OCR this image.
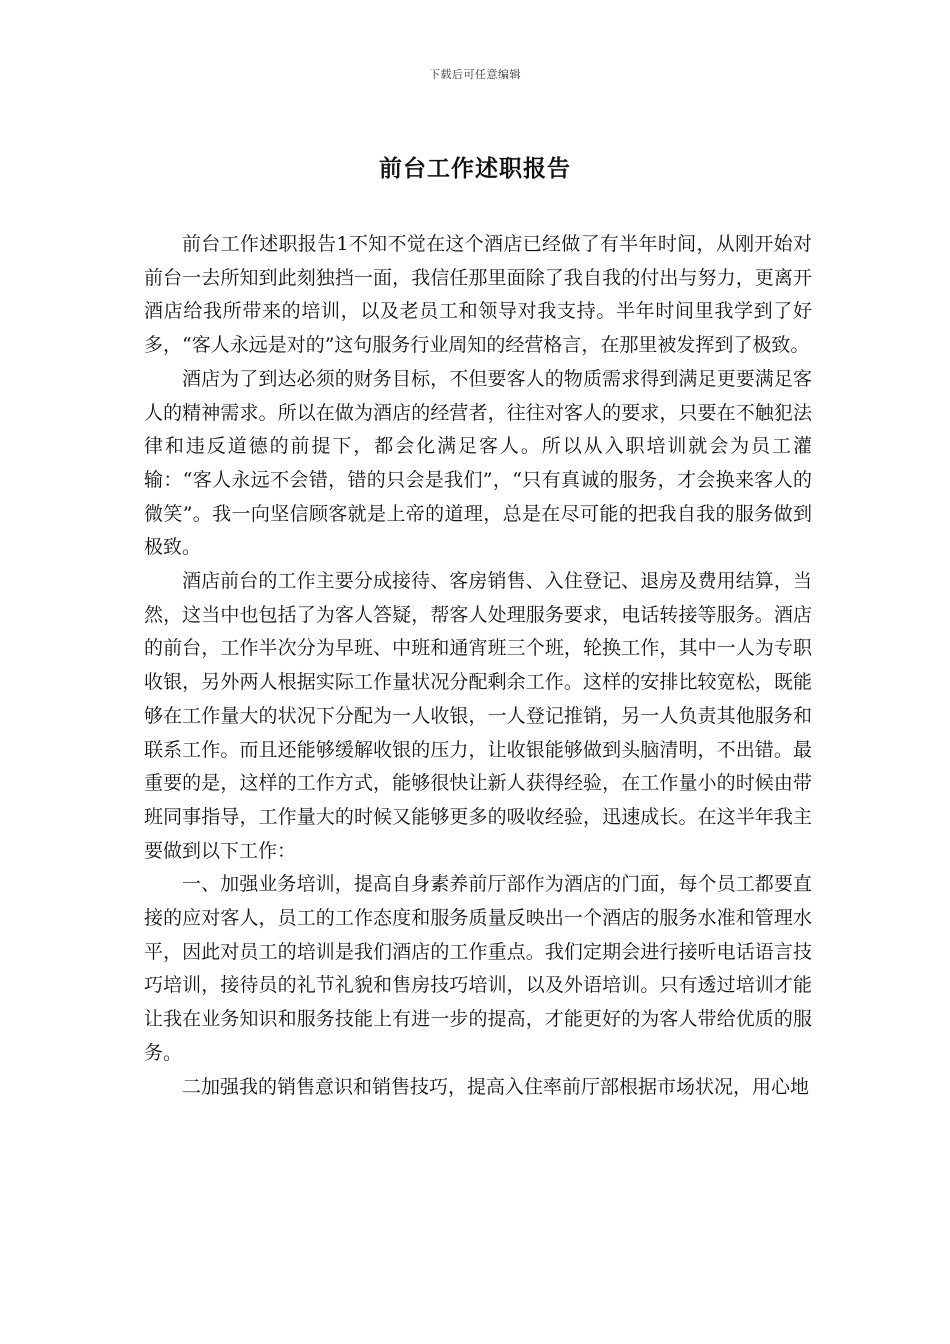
下载后可任意编辑
前台工作述职报告

前台工作述职报告1不知不觉在这个酒店已经做了有半年时间，从刚开始对前台一去所知到此刻独挡一面，我信任那里面除了我自我的付出与努力，更离开酒店给我所带来的培训，以及老员工和领导对我支持。半年时间里我学到了好多，“客人永远是对的”这句服务行业周知的经营格言，在那里被发挥到了极致。

酒店为了到达必须的财务目标，不但要客人的物质需求得到满足更要满足客人的精神需求。所以在做为酒店的经营者，往往对客人的要求，只要在不触犯法律和违反道德的前提下，都会化满足客人。所以从入职培训就会为员工灌输：“客人永远不会错，错的只会是我们”，“只有真诚的服务，才会换来客人的微笑”。我一向坚信顾客就是上帝的道理，总是在尽可能的把我自我的服务做到极致。

酒店前台的工作主要分成接待、客房销售、入住登记、退房及费用结算，当然，这当中也包括了为客人答疑，帮客人处理服务要求，电话转接等服务。酒店的前台，工作半次分为早班、中班和通宵班三个班，轮换工作，其中一人为专职收银，另外两人根据实际工作量状况分配剩余工作。这样的安排比较宽松，既能够在工作量大的状况下分配为一人收银，一人登记推销，另一人负责其他服务和联系工作。而且还能够缓解收银的压力，让收银能够做到头脑清明，不出错。最重要的是，这样的工作方式，能够很快让新人获得经验，在工作量小的时候由带班同事指导，工作量大的时候又能够更多的吸收经验，迅速成长。在这半年我主要做到以下工作：

一、加强业务培训，提高自身素养前厅部作为酒店的门面，每个员工都要直接的应对客人，员工的工作态度和服务质量反映出一个酒店的服务水准和管理水平，因此对员工的培训是我们酒店的工作重点。我们定期会进行接听电话语言技巧培训，接待员的礼节礼貌和售房技巧培训，以及外语培训。只有透过培训才能让我在业务知识和服务技能上有进一步的提高，才能更好的为客人带给优质的服务。

二加强我的销售意识和销售技巧，提高入住率前厅部根据市场状况，用心地
